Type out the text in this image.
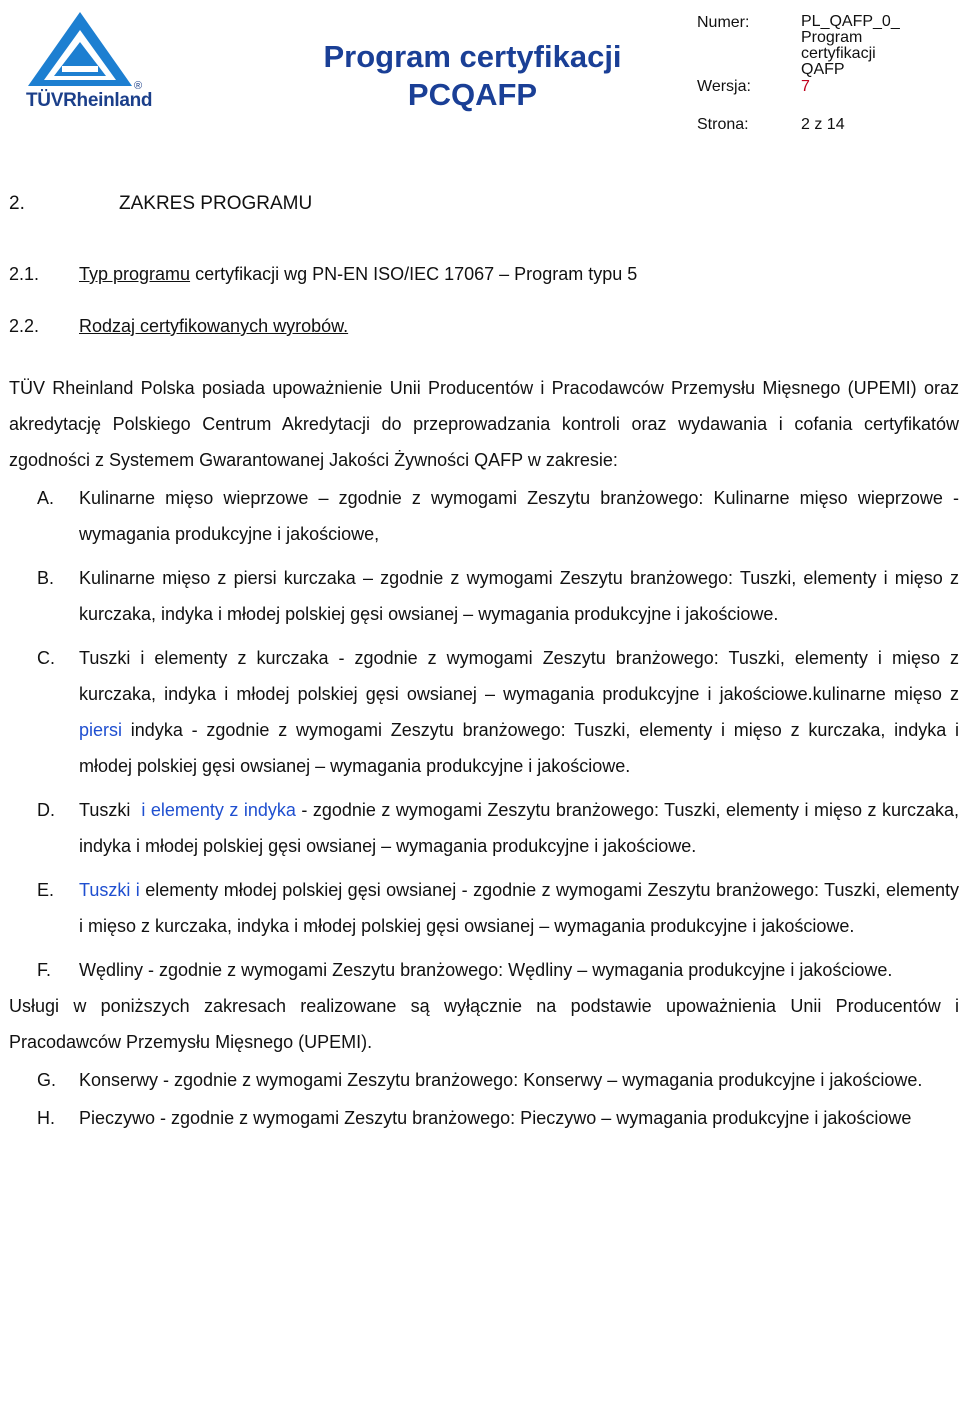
®
TÜVRheinland
Program certyfikacji
PCQAFP
Numer:	PL_QAFP_0_
Program certyfikacji
QAFP
Wersja:	7
Strona:	2 z 14
2.	ZAKRES PROGRAMU
2.1. Typ programu certyfikacji wg PN-EN ISO/IEC 17067 – Program typu 5
2.2. Rodzaj certyfikowanych wyrobów.

TÜV Rheinland Polska posiada upoważnienie Unii Producentów i Pracodawców Przemysłu Mięsnego (UPEMI) oraz akredytację Polskiego Centrum Akredytacji do przeprowadzania kontroli oraz wydawania i cofania certyfikatów zgodności z Systemem Gwarantowanej Jakości Żywności QAFP w zakresie:

A. Kulinarne mięso wieprzowe – zgodnie z wymogami Zeszytu branżowego: Kulinarne mięso wieprzowe - wymagania produkcyjne i jakościowe,
B. Kulinarne mięso z piersi kurczaka – zgodnie z wymogami Zeszytu branżowego: Tuszki, elementy i mięso z kurczaka, indyka i młodej polskiej gęsi owsianej – wymagania produkcyjne i jakościowe.
C. Tuszki i elementy z kurczaka - zgodnie z wymogami Zeszytu branżowego: Tuszki, elementy i mięso z kurczaka, indyka i młodej polskiej gęsi owsianej – wymagania produkcyjne i jakościowe.kulinarne mięso z piersi indyka - zgodnie z wymogami Zeszytu branżowego: Tuszki, elementy i mięso z kurczaka, indyka i młodej polskiej gęsi owsianej – wymagania produkcyjne i jakościowe.
D. Tuszki  i elementy z indyka - zgodnie z wymogami Zeszytu branżowego: Tuszki, elementy i mięso z kurczaka, indyka i młodej polskiej gęsi owsianej – wymagania produkcyjne i jakościowe.
E. Tuszki i elementy młodej polskiej gęsi owsianej - zgodnie z wymogami Zeszytu branżowego: Tuszki, elementy i mięso z kurczaka, indyka i młodej polskiej gęsi owsianej – wymagania produkcyjne i jakościowe.
F. Wędliny - zgodnie z wymogami Zeszytu branżowego: Wędliny – wymagania produkcyjne i jakościowe.

Usługi w poniższych zakresach realizowane są wyłącznie na podstawie upoważnienia Unii Producentów i Pracodawców Przemysłu Mięsnego (UPEMI).

G. Konserwy - zgodnie z wymogami Zeszytu branżowego: Konserwy – wymagania produkcyjne i jakościowe.
H. Pieczywo - zgodnie z wymogami Zeszytu branżowego: Pieczywo – wymagania produkcyjne i jakościowe
